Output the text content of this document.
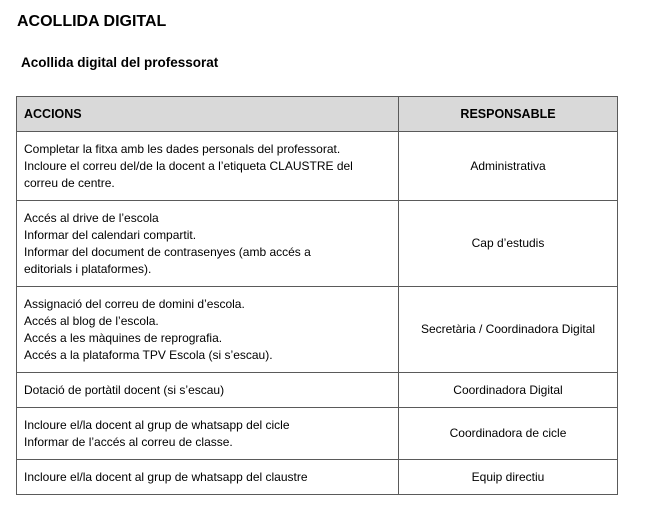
ACOLLIDA DIGITAL
Acollida digital del professorat
ACCIONS	RESPONSABLE

Completar la fitxa amb les dades personals del professorat.
Incloure el correu del/de la docent a l’etiqueta CLAUSTRE del
correu de centre.	Administrativa

Accés al drive de l’escola
Informar del calendari compartit.
Informar del document de contrasenyes (amb accés a
editorials i plataformes).	Cap d’estudis

Assignació del correu de domini d’escola.
Accés al blog de l’escola.
Accés a les màquines de reprografia.
Accés a la plataforma TPV Escola (si s’escau).	Secretària / Coordinadora Digital

Dotació de portàtil docent (si s’escau)	Coordinadora Digital

Incloure el/la docent al grup de whatsapp del cicle
Informar de l’accés al correu de classe.	Coordinadora de cicle

Incloure el/la docent al grup de whatsapp del claustre	Equip directiu
